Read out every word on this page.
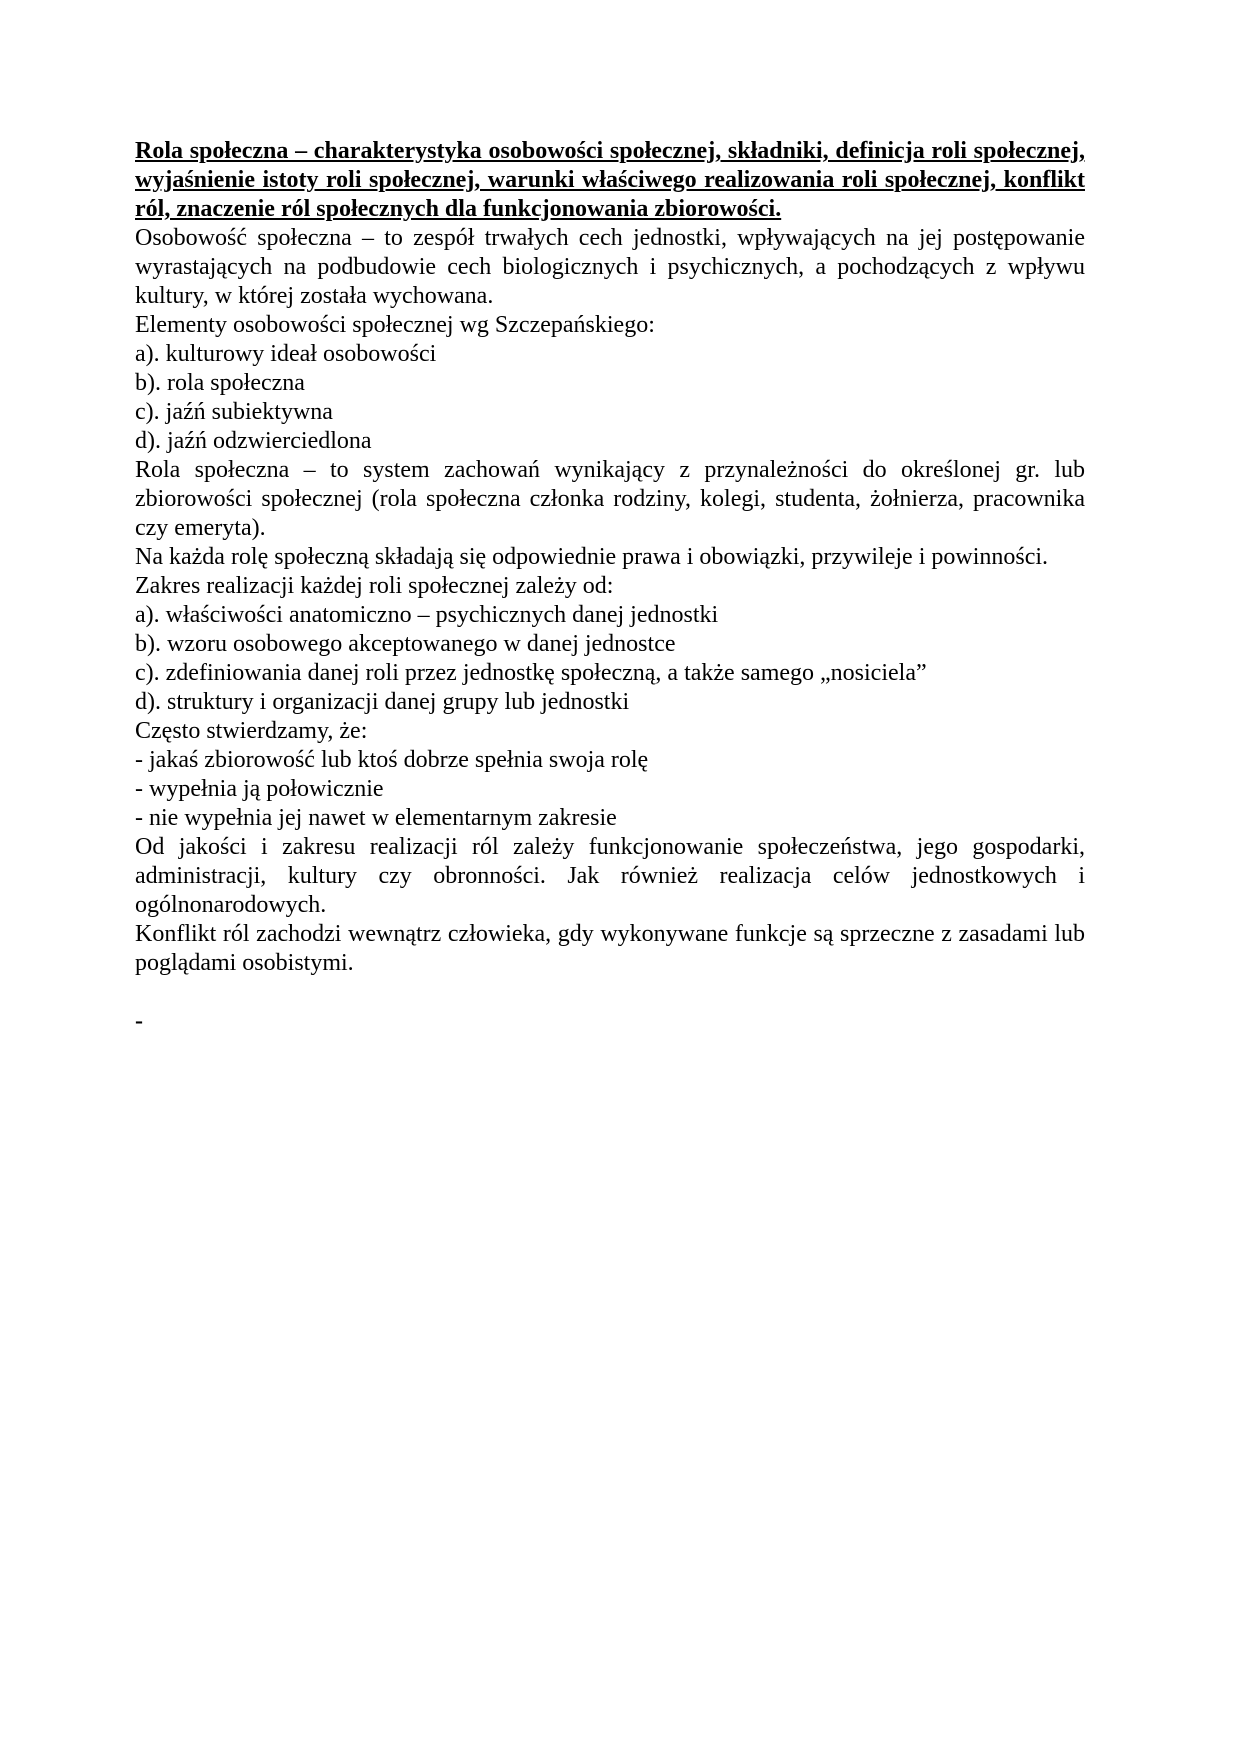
Rola społeczna – charakterystyka osobowości społecznej, składniki, definicja roli społecznej, wyjaśnienie istoty roli społecznej, warunki właściwego realizowania roli społecznej, konflikt ról, znaczenie ról społecznych dla funkcjonowania zbiorowości.

Osobowość społeczna – to zespół trwałych cech jednostki, wpływających na jej postępowanie wyrastających na podbudowie cech biologicznych i psychicznych, a pochodzących z wpływu kultury, w której została wychowana.

Elementy osobowości społecznej wg Szczepańskiego:

a). kulturowy ideał osobowości

b). rola społeczna

c). jaźń subiektywna

d). jaźń odzwierciedlona

Rola społeczna – to system zachowań wynikający z przynależności do określonej gr. lub zbiorowości społecznej (rola społeczna członka rodziny, kolegi, studenta, żołnierza, pracownika czy emeryta).

Na każda rolę społeczną składają się odpowiednie prawa i obowiązki, przywileje i powinności.

Zakres realizacji każdej roli społecznej zależy od:

a). właściwości anatomiczno – psychicznych danej jednostki

b). wzoru osobowego akceptowanego w danej jednostce

c). zdefiniowania danej roli przez jednostkę społeczną, a także samego „nosiciela”

d). struktury i organizacji danej grupy lub jednostki

Często stwierdzamy, że:

- jakaś zbiorowość lub ktoś dobrze spełnia swoja rolę

- wypełnia ją połowicznie

- nie wypełnia jej nawet w elementarnym zakresie

Od jakości i zakresu realizacji ról zależy funkcjonowanie społeczeństwa, jego gospodarki, administracji, kultury czy obronności. Jak również realizacja celów jednostkowych i ogólnonarodowych.

Konflikt ról zachodzi wewnątrz człowieka, gdy wykonywane funkcje są sprzeczne z zasadami lub poglądami osobistymi.

-
